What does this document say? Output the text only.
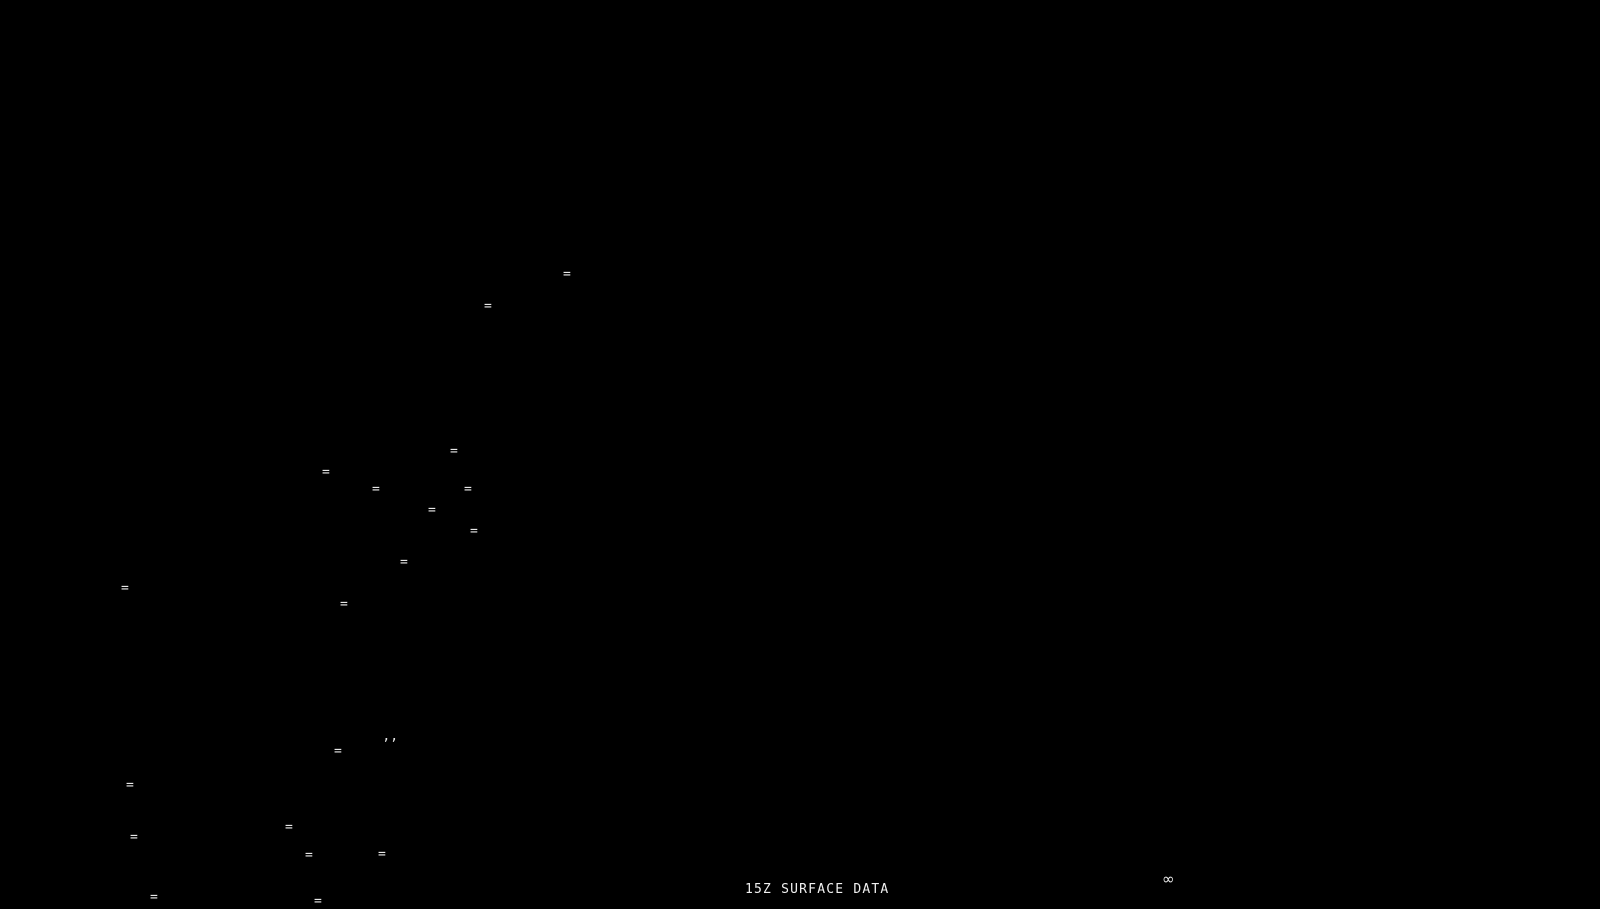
=
=
=
=
=	=
=
=
=
=
=
=	’’
=
=
=
=	=
=	=
∞
15Z SURFACE DATA
